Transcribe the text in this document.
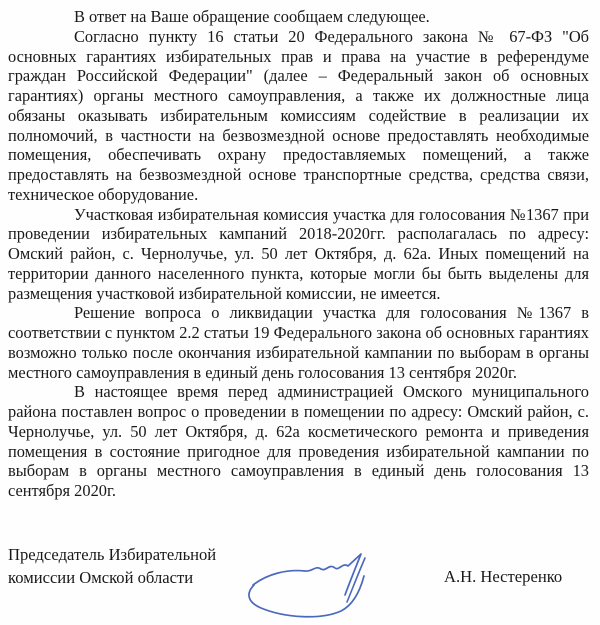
В ответ на Ваше обращение сообщаем следующее.

Согласно пункту 16 статьи 20 Федерального закона № 67-ФЗ "Об основных гарантиях избирательных прав и права на участие в референдуме граждан Российской Федерации" (далее – Федеральный закон об основных гарантиях) органы местного самоуправления, а также их должностные лица обязаны оказывать избирательным комиссиям содействие в реализации их полномочий, в частности на безвозмездной основе предоставлять необходимые помещения, обеспечивать охрану предоставляемых помещений, а также предоставлять на безвозмездной основе транспортные средства, средства связи, техническое оборудование.

Участковая избирательная комиссия участка для голосования №1367 при проведении избирательных кампаний 2018-2020гг. располагалась по адресу: Омский район, с. Чернолучье, ул. 50 лет Октября, д. 62а. Иных помещений на территории данного населенного пункта, которые могли бы быть выделены для размещения участковой избирательной комиссии, не имеется.

Решение вопроса о ликвидации участка для голосования №1367 в соответствии с пунктом 2.2 статьи 19 Федерального закона об основных гарантиях возможно только после окончания избирательной кампании по выборам в органы местного самоуправления в единый день голосования 13 сентября 2020г.

В настоящее время перед администрацией Омского муниципального района поставлен вопрос о проведении в помещении по адресу: Омский район, с. Чернолучье, ул. 50 лет Октября, д. 62а косметического ремонта и приведения помещения в состояние пригодное для проведения избирательной кампании по выборам в органы местного самоуправления в единый день голосования 13 сентября 2020г.

Председатель Избирательной
комиссии Омской области	А.Н. Нестеренко
